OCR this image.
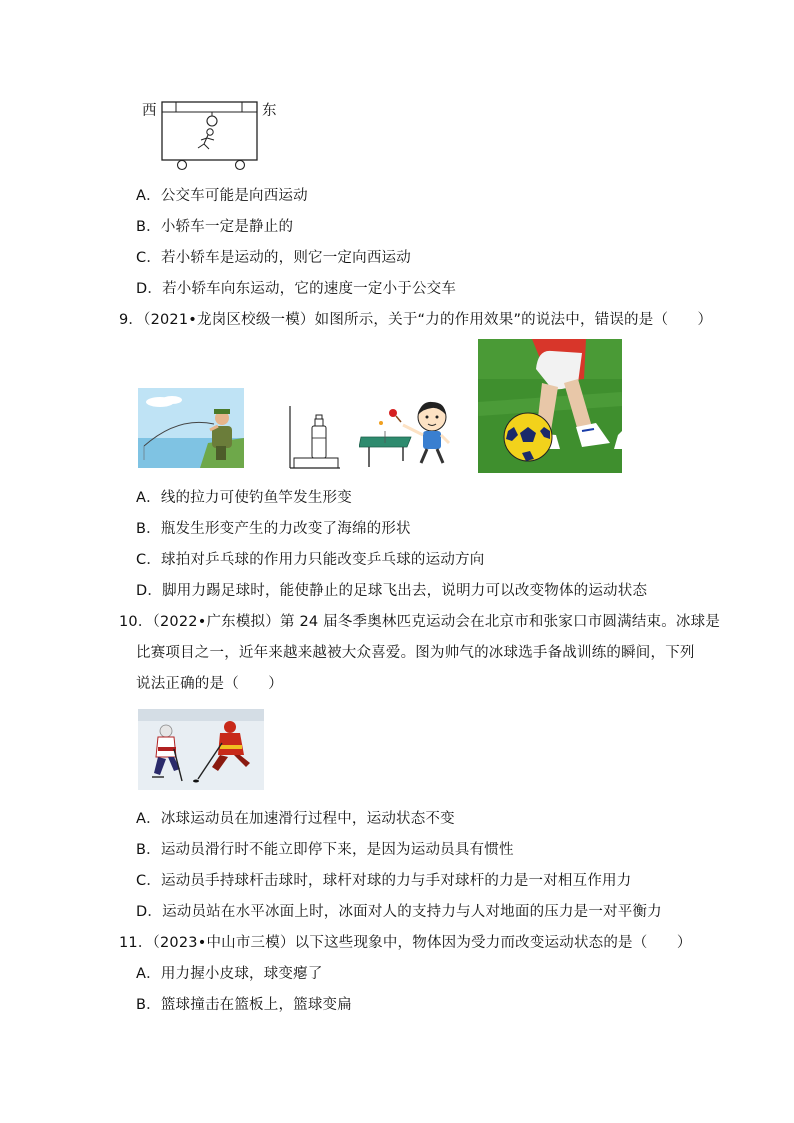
西	东
A．公交车可能是向西运动
B．小轿车一定是静止的
C．若小轿车是运动的，则它一定向西运动
D．若小轿车向东运动，它的速度一定小于公交车
9．（2021•龙岗区校级一模）如图所示，关于“力的作用效果”的说法中，错误的是（　　）
A．线的拉力可使钓鱼竿发生形变
B．瓶发生形变产生的力改变了海绵的形状
C．球拍对乒乓球的作用力只能改变乒乓球的运动方向
D．脚用力踢足球时，能使静止的足球飞出去，说明力可以改变物体的运动状态
10．（2022•广东模拟）第 24 届冬季奥林匹克运动会在北京市和张家口市圆满结束。冰球是
比赛项目之一，近年来越来越被大众喜爱。图为帅气的冰球选手备战训练的瞬间，下列
说法正确的是（　　）
A．冰球运动员在加速滑行过程中，运动状态不变
B．运动员滑行时不能立即停下来，是因为运动员具有惯性
C．运动员手持球杆击球时，球杆对球的力与手对球杆的力是一对相互作用力
D．运动员站在水平冰面上时，冰面对人的支持力与人对地面的压力是一对平衡力
11．（2023•中山市三模）以下这些现象中，物体因为受力而改变运动状态的是（　　）
A．用力握小皮球，球变瘪了
B．篮球撞击在篮板上，篮球变扁
